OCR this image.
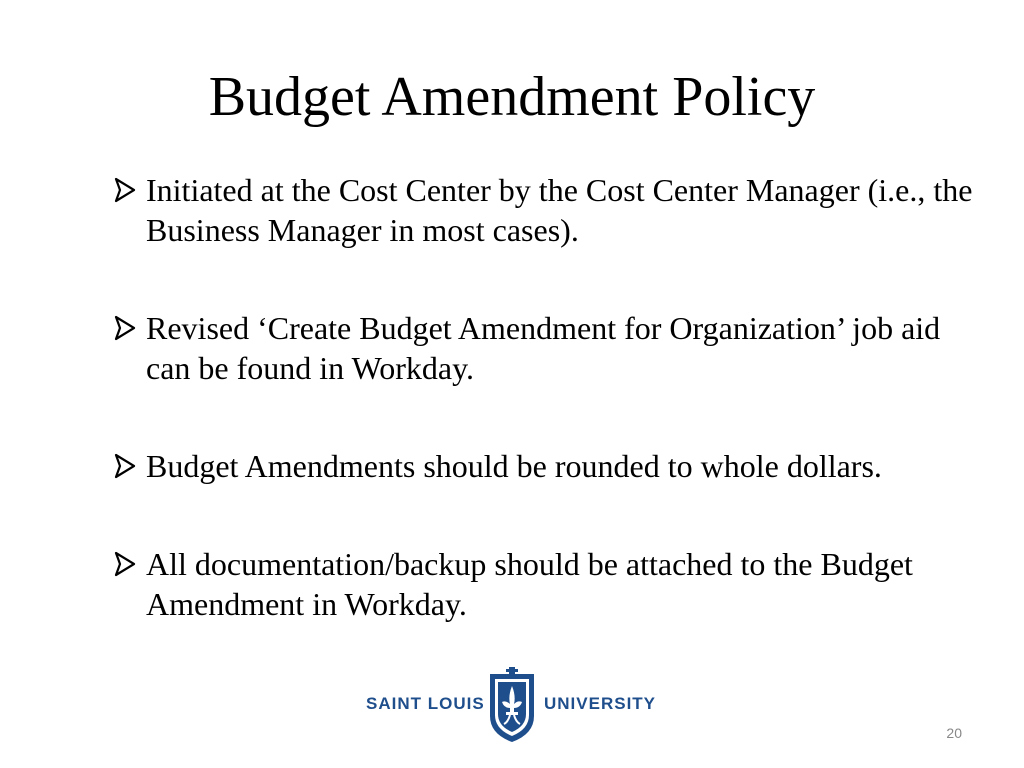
Budget Amendment Policy
Initiated at the Cost Center by the Cost Center Manager (i.e., the Business Manager in most cases).
Revised ‘Create Budget Amendment for Organization’ job aid can be found in Workday.
Budget Amendments should be rounded to whole dollars.
All documentation/backup should be attached to the Budget Amendment in Workday.
SAINT LOUIS	UNIVERSITY
20
